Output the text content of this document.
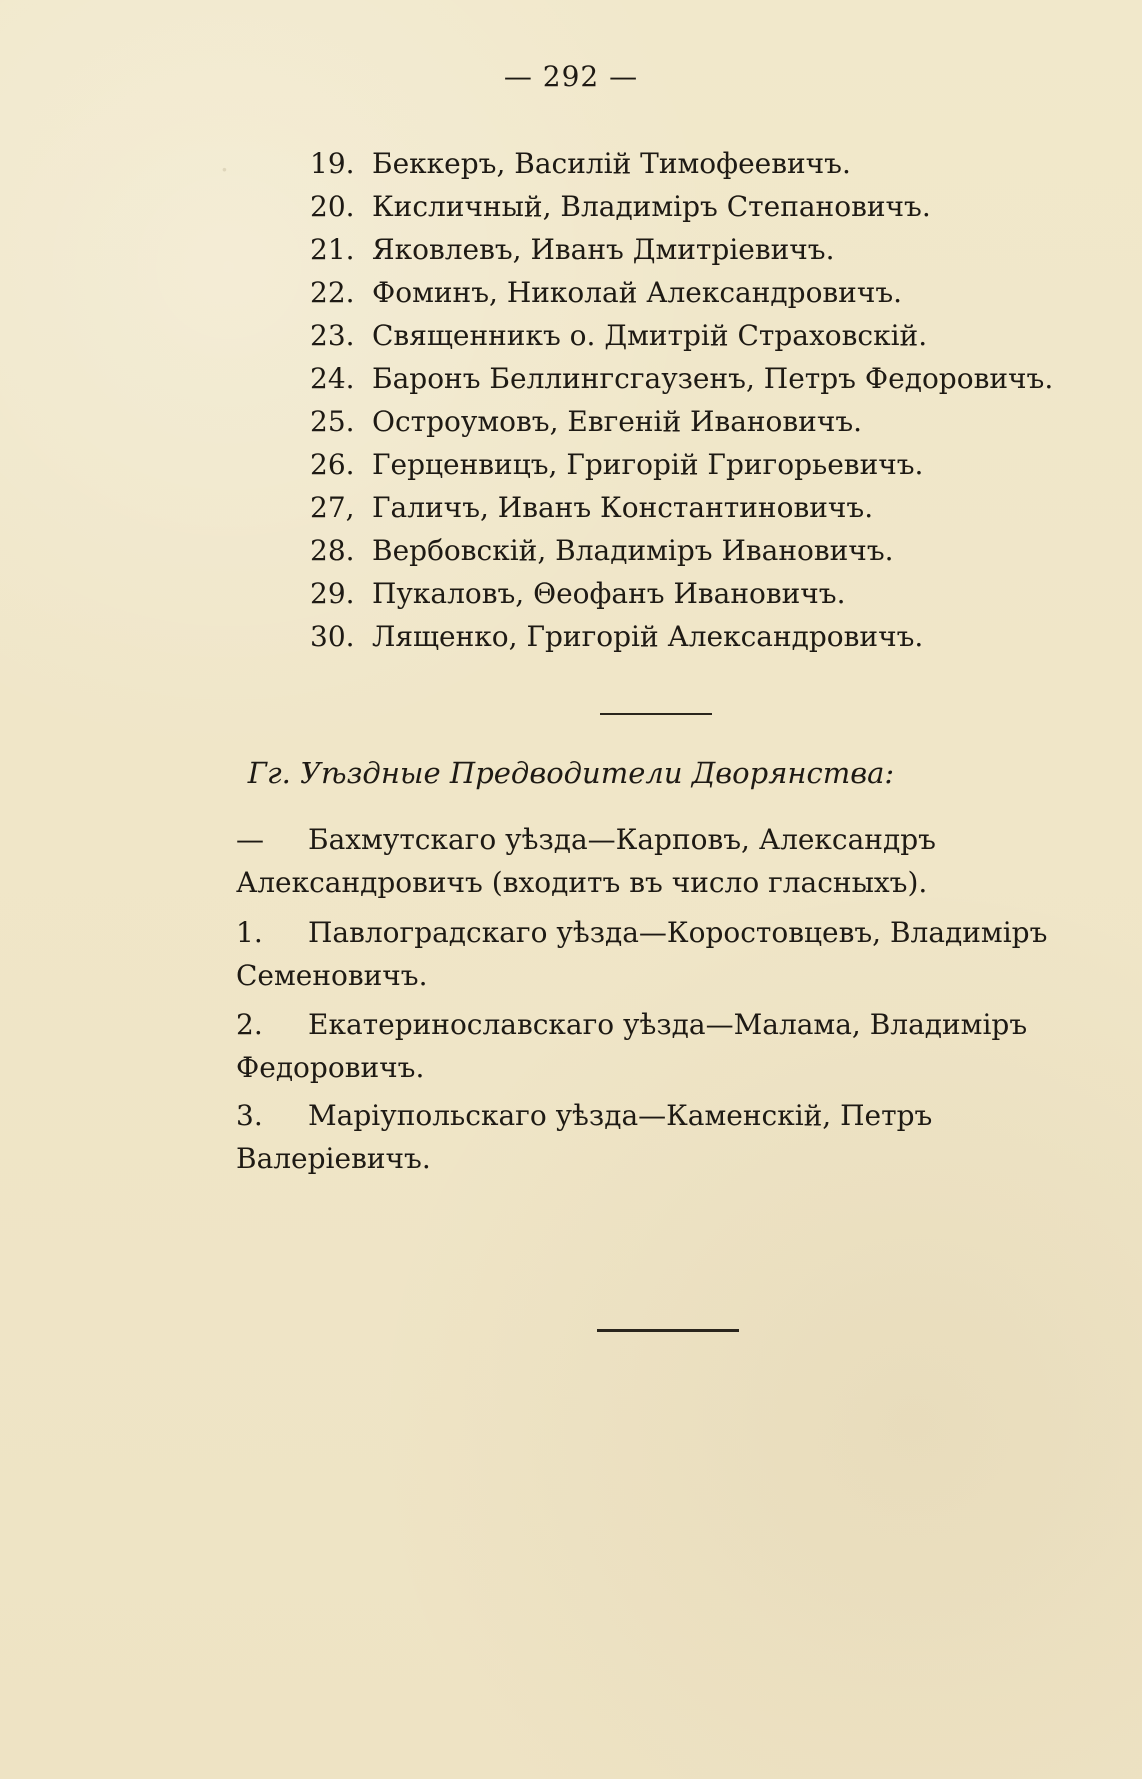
.
— 292 —
19. Беккеръ, Василій Тимофеевичъ.
20. Кисличный, Владиміръ Степановичъ.
21. Яковлевъ, Иванъ Дмитріевичъ.
22. Фоминъ, Николай Александровичъ.
23. Священникъ о. Дмитрій Страховскій.
24. Баронъ Беллингсгаузенъ, Петръ Федоровичъ.
25. Остроумовъ, Евгеній Ивановичъ.
26. Герценвицъ, Григорій Григорьевичъ.
27, Галичъ, Иванъ Константиновичъ.
28. Вербовскій, Владиміръ Ивановичъ.
29. Пукаловъ, Θеофанъ Ивановичъ.
30. Лященко, Григорій Александровичъ.
Гг. Уѣздные Предводители Дворянства:

— Бахмутскаго уѣзда—Карповъ, Александръ Александровичъ (входитъ въ число гласныхъ).

1. Павлоградскаго уѣзда—Коростовцевъ, Владиміръ Семеновичъ.

2. Екатеринославскаго уѣзда—Малама, Владиміръ Федоровичъ.

3. Маріупольскаго уѣзда—Каменскій, Петръ Валеріевичъ.
